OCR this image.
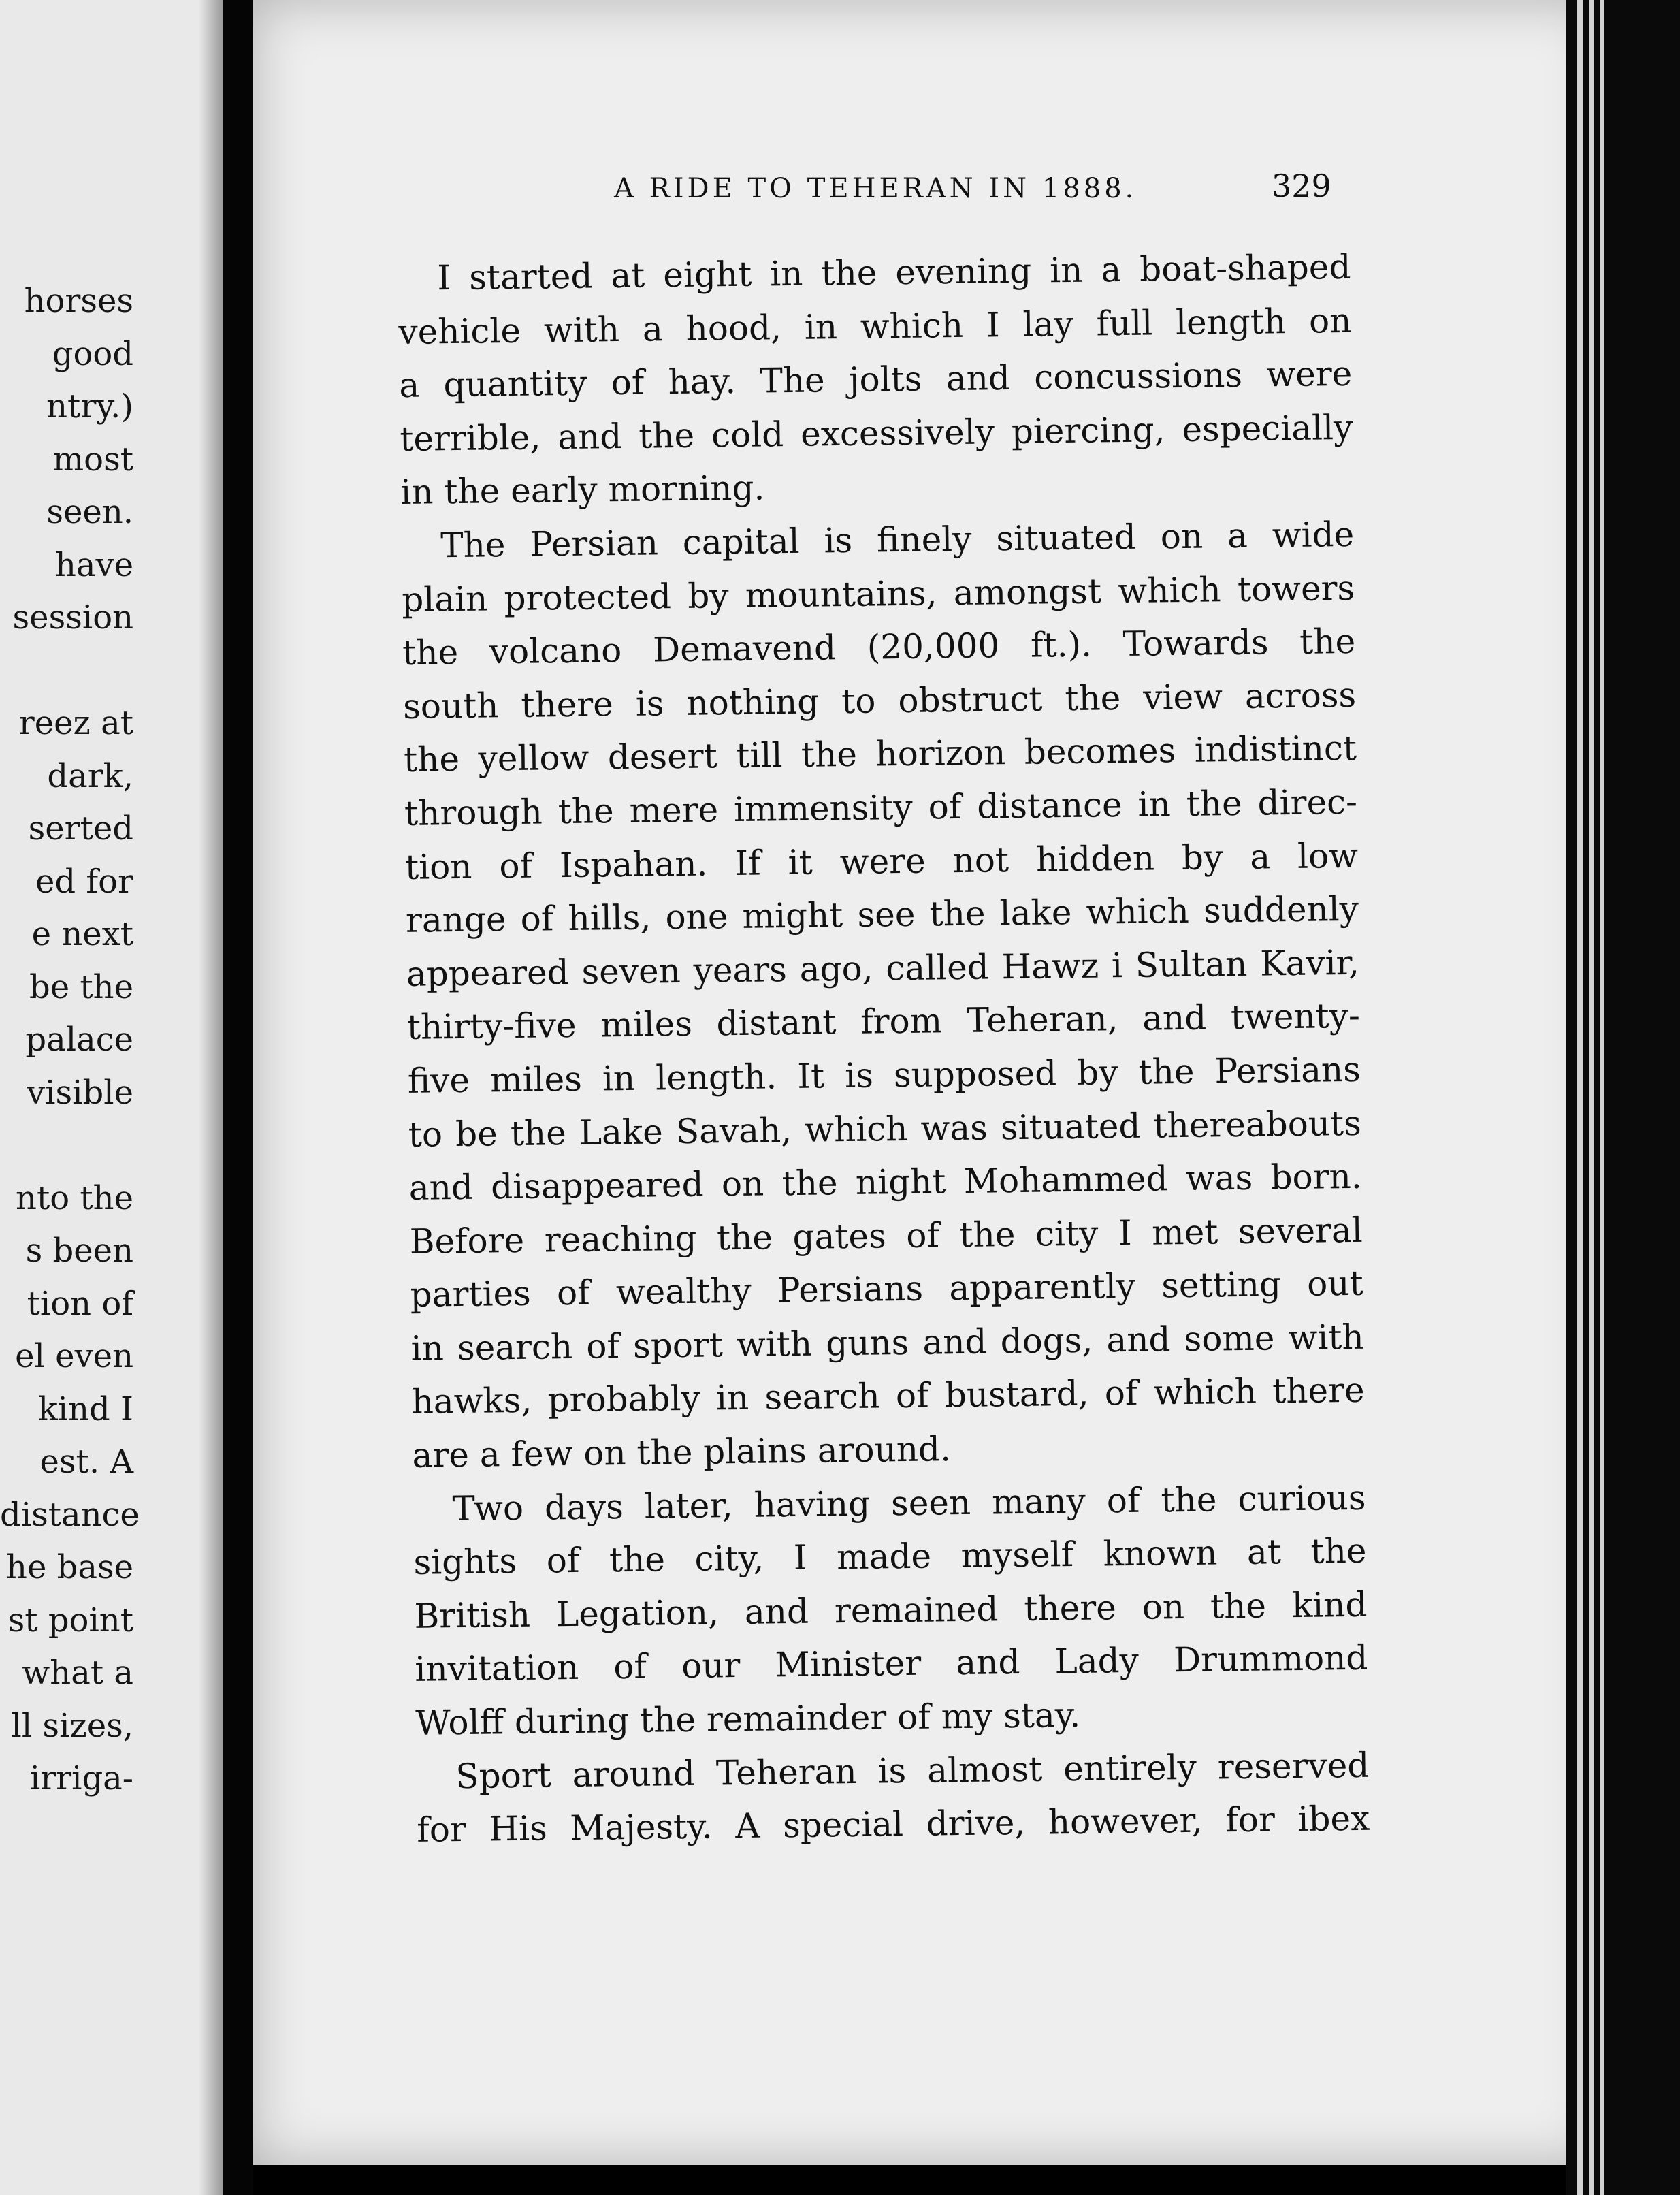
horses
good
ntry.)
most
seen.
have
session
reez at
dark,
serted
ed for
e next
be the
palace
visible
nto the
s been
tion of
el even
kind I
est. A
distance
he base
st point
what a
ll sizes,
irriga-
A RIDE TO TEHERAN IN 1888.	329
I started at eight in the evening in a boat-shaped
vehicle with a hood, in which I lay full length on
a quantity of hay. The jolts and concussions were
terrible, and the cold excessively piercing, especially
in the early morning.
The Persian capital is finely situated on a wide
plain protected by mountains, amongst which towers
the volcano Demavend (20,000 ft.). Towards the
south there is nothing to obstruct the view across
the yellow desert till the horizon becomes indistinct
through the mere immensity of distance in the direc-
tion of Ispahan. If it were not hidden by a low
range of hills, one might see the lake which suddenly
appeared seven years ago, called Hawz i Sultan Kavir,
thirty-five miles distant from Teheran, and twenty-
five miles in length. It is supposed by the Persians
to be the Lake Savah, which was situated thereabouts
and disappeared on the night Mohammed was born.
Before reaching the gates of the city I met several
parties of wealthy Persians apparently setting out
in search of sport with guns and dogs, and some with
hawks, probably in search of bustard, of which there
are a few on the plains around.
Two days later, having seen many of the curious
sights of the city, I made myself known at the
British Legation, and remained there on the kind
invitation of our Minister and Lady Drummond
Wolff during the remainder of my stay.
Sport around Teheran is almost entirely reserved
for His Majesty. A special drive, however, for ibex
